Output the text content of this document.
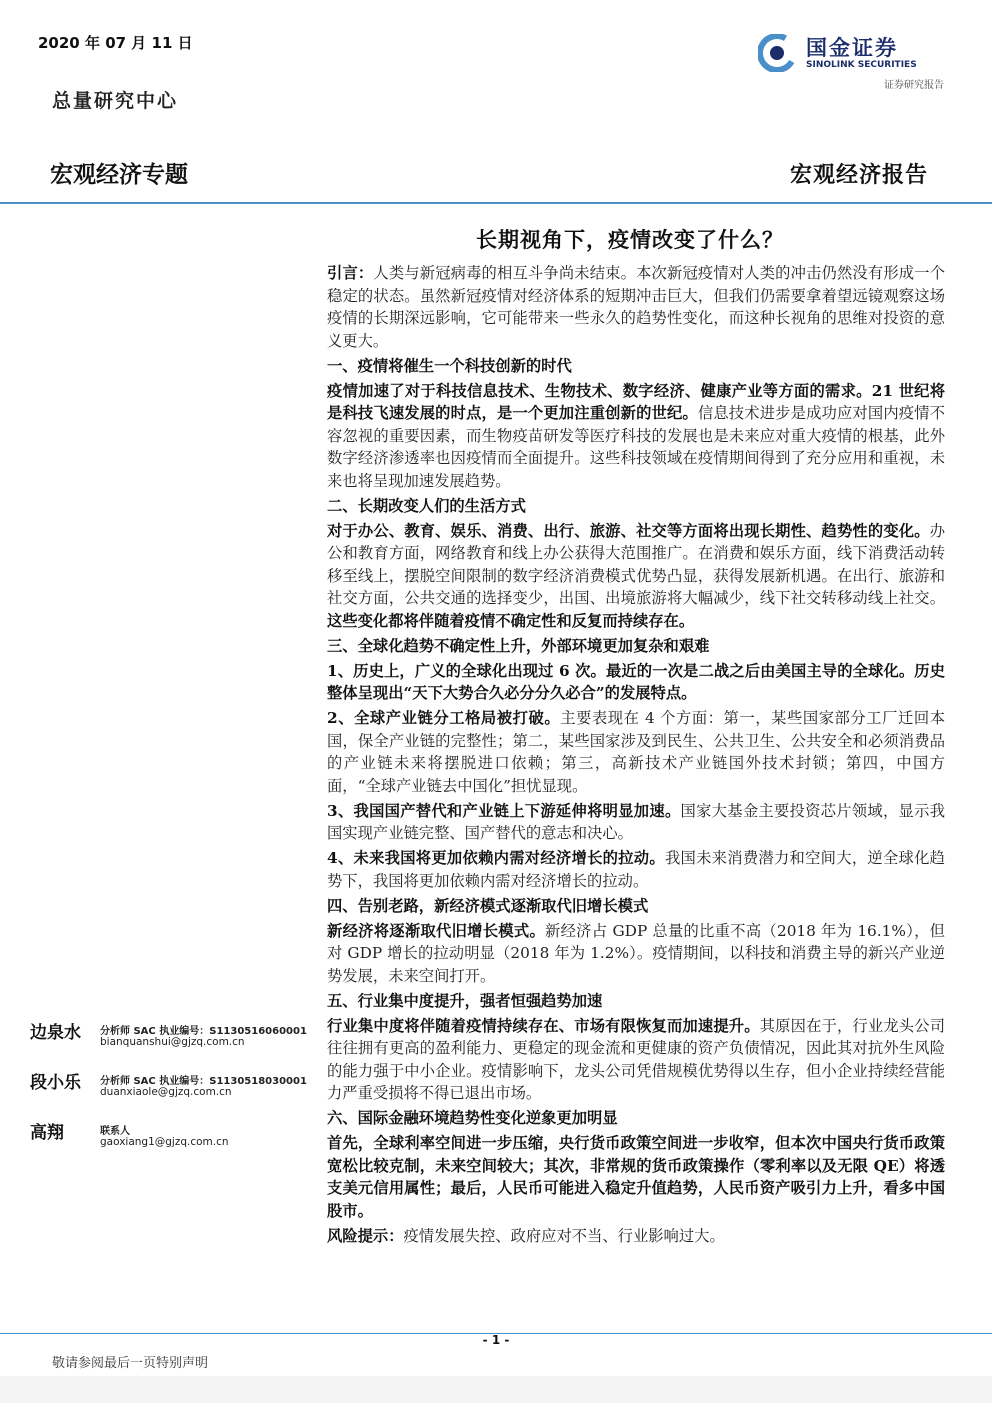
2020 年 07 月 11 日
总量研究中心
国金证券
SINOLINK SECURITIES
证券研究报告
宏观经济专题	宏观经济报告
长期视角下，疫情改变了什么？

引言：人类与新冠病毒的相互斗争尚未结束。本次新冠疫情对人类的冲击仍然没有形成一个稳定的状态。虽然新冠疫情对经济体系的短期冲击巨大，但我们仍需要拿着望远镜观察这场疫情的长期深远影响，它可能带来一些永久的趋势性变化，而这种长视角的思维对投资的意义更大。

一、疫情将催生一个科技创新的时代

疫情加速了对于科技信息技术、生物技术、数字经济、健康产业等方面的需求。21 世纪将是科技飞速发展的时点，是一个更加注重创新的世纪。信息技术进步是成功应对国内疫情不容忽视的重要因素，而生物疫苗研发等医疗科技的发展也是未来应对重大疫情的根基，此外数字经济渗透率也因疫情而全面提升。这些科技领域在疫情期间得到了充分应用和重视，未来也将呈现加速发展趋势。

二、长期改变人们的生活方式

对于办公、教育、娱乐、消费、出行、旅游、社交等方面将出现长期性、趋势性的变化。办公和教育方面，网络教育和线上办公获得大范围推广。在消费和娱乐方面，线下消费活动转移至线上，摆脱空间限制的数字经济消费模式优势凸显，获得发展新机遇。在出行、旅游和社交方面，公共交通的选择变少，出国、出境旅游将大幅减少，线下社交转移动线上社交。这些变化都将伴随着疫情不确定性和反复而持续存在。

三、全球化趋势不确定性上升，外部环境更加复杂和艰难

1、历史上，广义的全球化出现过 6 次。最近的一次是二战之后由美国主导的全球化。历史整体呈现出“天下大势合久必分分久必合”的发展特点。

2、全球产业链分工格局被打破。主要表现在 4 个方面：第一，某些国家部分工厂迁回本国，保全产业链的完整性；第二，某些国家涉及到民生、公共卫生、公共安全和必须消费品的产业链未来将摆脱进口依赖；第三，高新技术产业链国外技术封锁；第四，中国方面，“全球产业链去中国化”担忧显现。

3、我国国产替代和产业链上下游延伸将明显加速。国家大基金主要投资芯片领域，显示我国实现产业链完整、国产替代的意志和决心。

4、未来我国将更加依赖内需对经济增长的拉动。我国未来消费潜力和空间大，逆全球化趋势下，我国将更加依赖内需对经济增长的拉动。

四、告别老路，新经济模式逐渐取代旧增长模式

新经济将逐渐取代旧增长模式。新经济占 GDP 总量的比重不高（2018 年为 16.1%），但对 GDP 增长的拉动明显（2018 年为 1.2%）。疫情期间，以科技和消费主导的新兴产业逆势发展，未来空间打开。

五、行业集中度提升，强者恒强趋势加速

行业集中度将伴随着疫情持续存在、市场有限恢复而加速提升。其原因在于，行业龙头公司往往拥有更高的盈利能力、更稳定的现金流和更健康的资产负债情况，因此其对抗外生风险的能力强于中小企业。疫情影响下，龙头公司凭借规模优势得以生存，但小企业持续经营能力严重受损将不得已退出市场。

六、国际金融环境趋势性变化逆象更加明显

首先，全球利率空间进一步压缩，央行货币政策空间进一步收窄，但本次中国央行货币政策宽松比较克制，未来空间较大；其次，非常规的货币政策操作（零利率以及无限 QE）将透支美元信用属性；最后，人民币可能进入稳定升值趋势，人民币资产吸引力上升，看多中国股市。

风险提示：疫情发展失控、政府应对不当、行业影响过大。

边泉水 分析师 SAC 执业编号：S1130516060001
bianquanshui@gjzq.com.cn
段小乐 分析师 SAC 执业编号：S1130518030001
duanxiaole@gjzq.com.cn
高翔	联系人
gaoxiang1@gjzq.com.cn
- 1 -
敬请参阅最后一页特别声明
